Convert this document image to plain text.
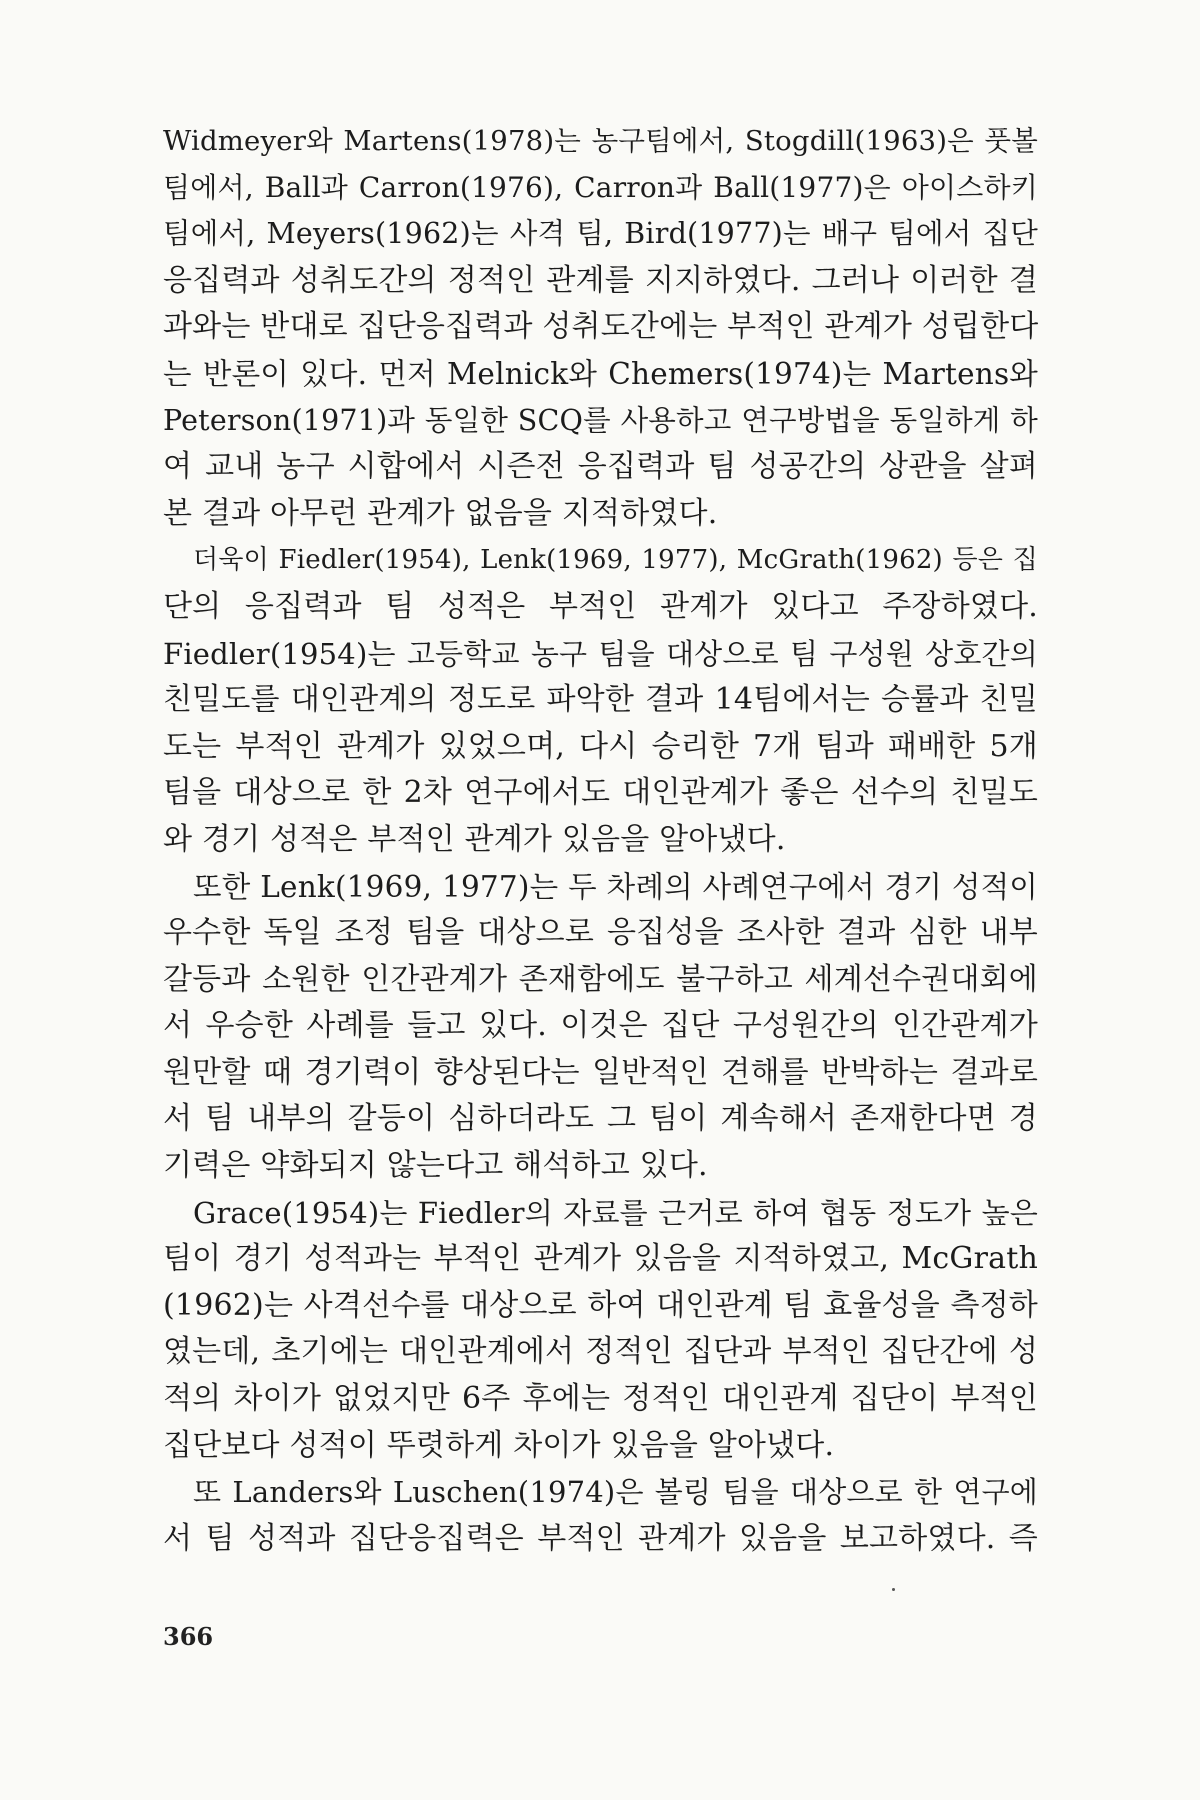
Widmeyer와 Martens(1978)는 농구팀에서, Stogdill(1963)은 풋볼
팀에서, Ball과 Carron(1976), Carron과 Ball(1977)은 아이스하키
팀에서, Meyers(1962)는 사격 팀, Bird(1977)는 배구 팀에서 집단
응집력과 성취도간의 정적인 관계를 지지하였다. 그러나 이러한 결
과와는 반대로 집단응집력과 성취도간에는 부적인 관계가 성립한다
는 반론이 있다. 먼저 Melnick와 Chemers(1974)는 Martens와
Peterson(1971)과 동일한 SCQ를 사용하고 연구방법을 동일하게 하
여 교내 농구 시합에서 시즌전 응집력과 팀 성공간의 상관을 살펴
본 결과 아무런 관계가 없음을 지적하였다.
더욱이 Fiedler(1954), Lenk(1969, 1977), McGrath(1962) 등은 집
단의 응집력과 팀 성적은 부적인 관계가 있다고 주장하였다.
Fiedler(1954)는 고등학교 농구 팀을 대상으로 팀 구성원 상호간의
친밀도를 대인관계의 정도로 파악한 결과 14팀에서는 승률과 친밀
도는 부적인 관계가 있었으며, 다시 승리한 7개 팀과 패배한 5개
팀을 대상으로 한 2차 연구에서도 대인관계가 좋은 선수의 친밀도
와 경기 성적은 부적인 관계가 있음을 알아냈다.
또한 Lenk(1969, 1977)는 두 차례의 사례연구에서 경기 성적이
우수한 독일 조정 팀을 대상으로 응집성을 조사한 결과 심한 내부
갈등과 소원한 인간관계가 존재함에도 불구하고 세계선수권대회에
서 우승한 사례를 들고 있다. 이것은 집단 구성원간의 인간관계가
원만할 때 경기력이 향상된다는 일반적인 견해를 반박하는 결과로
서 팀 내부의 갈등이 심하더라도 그 팀이 계속해서 존재한다면 경
기력은 약화되지 않는다고 해석하고 있다.
Grace(1954)는 Fiedler의 자료를 근거로 하여 협동 정도가 높은
팀이 경기 성적과는 부적인 관계가 있음을 지적하였고, McGrath
(1962)는 사격선수를 대상으로 하여 대인관계 팀 효율성을 측정하
였는데, 초기에는 대인관계에서 정적인 집단과 부적인 집단간에 성
적의 차이가 없었지만 6주 후에는 정적인 대인관계 집단이 부적인
집단보다 성적이 뚜렷하게 차이가 있음을 알아냈다.
또 Landers와 Luschen(1974)은 볼링 팀을 대상으로 한 연구에
서 팀 성적과 집단응집력은 부적인 관계가 있음을 보고하였다. 즉
366
